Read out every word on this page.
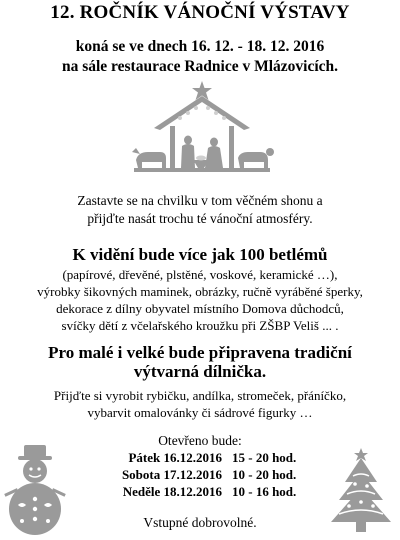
12. ROČNÍK VÁNOČNÍ VÝSTAVY
koná se ve dnech 16. 12. - 18. 12. 2016
na sále restaurace Radnice v Mlázovicích.
Zastavte se na chvilku v tom věčném shonu a
přijďte nasát trochu té vánoční atmosféry.
K vidění bude více jak 100 betlémů
(papírové, dřevěné, plstěné, voskové, keramické …),
výrobky šikovných maminek, obrázky, ručně vyráběné šperky,
dekorace z dílny obyvatel místního Domova důchodců,
svíčky dětí z včelařského kroužku při ZŠBP Veliš ... .
Pro malé i velké bude připravena tradiční
výtvarná dílnička.
Přijďte si vyrobit rybičku, andílka, stromeček, přáníčko,
vybarvit omalovánky či sádrové figurky …
Otevřeno bude:
Pátek 16.12.2016 15 - 20 hod.
Sobota 17.12.2016 10 - 20 hod.
Neděle 18.12.2016 10 - 16 hod.
Vstupné dobrovolné.
